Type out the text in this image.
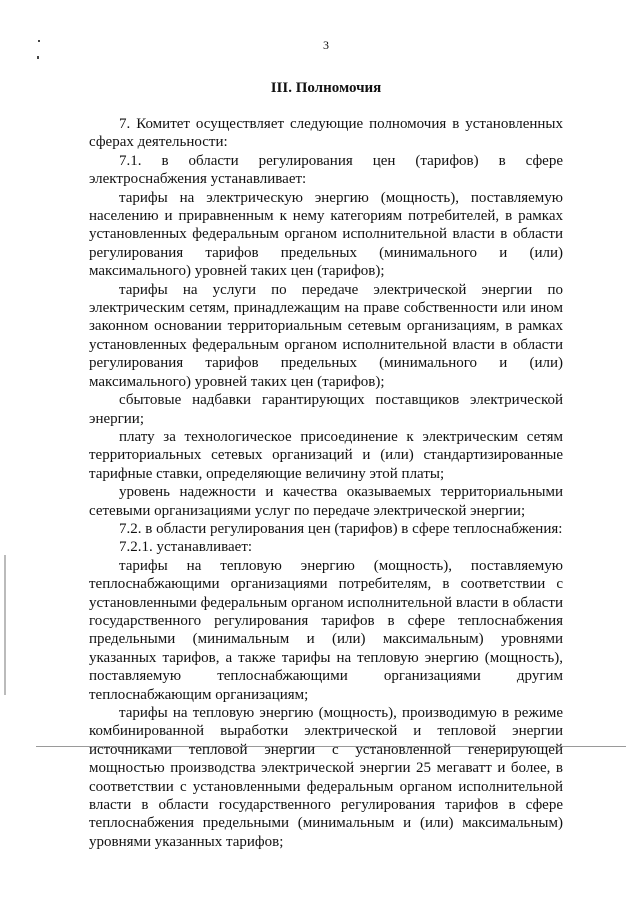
3
III. Полномочия

7. Комитет осуществляет следующие полномочия в установленных сферах деятельности:

7.1. в области регулирования цен (тарифов) в сфере электроснабжения устанавливает:

тарифы на электрическую энергию (мощность), поставляемую населению и приравненным к нему категориям потребителей, в рамках установленных федеральным органом исполнительной власти в области регулирования тарифов предельных (минимального и (или) максимального) уровней таких цен (тарифов);

тарифы на услуги по передаче электрической энергии по электрическим сетям, принадлежащим на праве собственности или ином законном основании территориальным сетевым организациям, в рамках установленных федеральным органом исполнительной власти в области регулирования тарифов предельных (минимального и (или) максимального) уровней таких цен (тарифов);

сбытовые надбавки гарантирующих поставщиков электрической энергии;

плату за технологическое присоединение к электрическим сетям территориальных сетевых организаций и (или) стандартизированные тарифные ставки, определяющие величину этой платы;

уровень надежности и качества оказываемых территориальными сетевыми организациями услуг по передаче электрической энергии;

7.2. в области регулирования цен (тарифов) в сфере теплоснабжения:

7.2.1. устанавливает:

тарифы на тепловую энергию (мощность), поставляемую теплоснабжающими организациями потребителям, в соответствии с установленными федеральным органом исполнительной власти в области государственного регулирования тарифов в сфере теплоснабжения предельными (минимальным и (или) максимальным) уровнями указанных тарифов, а также тарифы на тепловую энергию (мощность), поставляемую теплоснабжающими организациями другим теплоснабжающим организациям;

тарифы на тепловую энергию (мощность), производимую в режиме комбинированной выработки электрической и тепловой энергии источниками тепловой энергии с установленной генерирующей мощностью производства электрической энергии 25 мегаватт и более, в соответствии с установленными федеральным органом исполнительной власти в области государственного регулирования тарифов в сфере теплоснабжения предельными (минимальным и (или) максимальным) уровнями указанных тарифов;
